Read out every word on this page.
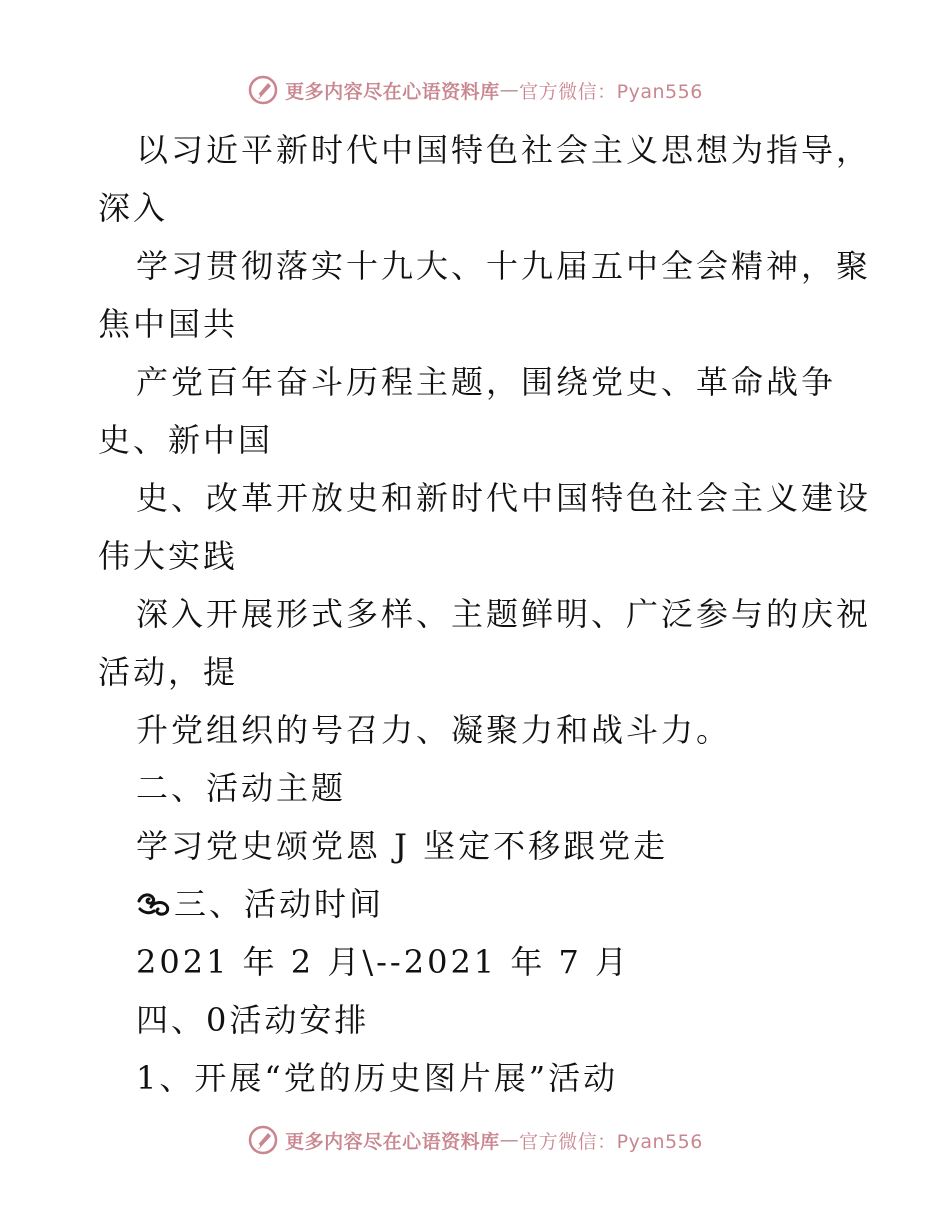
更多内容尽在心语资料库 — 官方微信：Pyan556
以习近平新时代中国特色社会主义思想为指导，
深入
学习贯彻落实十九大、十九届五中全会精神，聚
焦中国共
产党百年奋斗历程主题，围绕党史、革命战争
史、新中国
史、改革开放史和新时代中国特色社会主义建设
伟大实践
深入开展形式多样、主题鲜明、广泛参与的庆祝
活动，提
升党组织的号召力、凝聚力和战斗力。
二、活动主题
学习党史颂党恩 J 坚定不移跟党走
三、活动时间
2021 年 2 月\--2021 年 7 月
四、0活动安排
1、开展“党的历史图片展”活动
更多内容尽在心语资料库 — 官方微信：Pyan556
